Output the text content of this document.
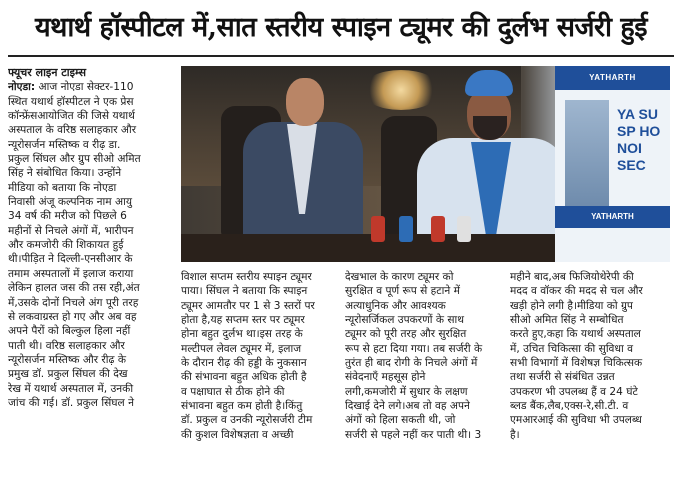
यथार्थ हॉस्पीटल में,सात स्तरीय स्पाइन ट्यूमर की दुर्लभ सर्जरी हुई
फ्यूचर लाइन टाइम्स
नोएडा: आज नोएडा सेक्टर-110
स्थित यथार्थ हॉस्पीटल ने एक प्रेस
कॉन्फ्रेंसआयोजित की जिसे यथार्थ
अस्पताल के वरिष्ठ सलाहकार और
न्यूरोसर्जन मस्तिष्क व रीढ़ डा.
प्रकुल सिंघल और ग्रुप सीओ अमित
सिंह ने संबोधित किया। उन्होंने
मीडिया को बताया कि नोएडा
निवासी अंजू कल्पनिक नाम आयु
34 वर्ष की मरीज को पिछले 6
महीनों से निचले अंगों में, भारीपन
और कमजोरी की शिकायत हुई
थी।पीड़ित ने दिल्ली-एनसीआर के
तमाम अस्पतालों में इलाज कराया
लेकिन हालत जस की तस रही,अंत
में,उसके दोनों निचले अंग पूरी तरह
से लकवाग्रस्त हो गए और अब वह
अपने पैरों को बिल्कुल हिला नहीं
पाती थी। वरिष्ठ सलाहकार और
न्यूरोसर्जन मस्तिष्क और रीढ़ के
प्रमुख डॉ. प्रकुल सिंघल की देख
रेख में यथार्थ अस्पताल में, उनकी
जांच की गई। डॉ. प्रकुल सिंघल ने
YATHARTH
YA SU SP HO NOI SEC
YATHARTH
विशाल सप्तम स्तरीय स्पाइन ट्यूमर
पाया। सिंघल ने बताया कि स्पाइन
ट्यूमर आमतौर पर 1 से 3 स्तरों पर
होता है,यह सप्तम स्तर पर ट्यूमर
होना बहुत दुर्लभ था।इस तरह के
मल्टीपल लेवल ट्यूमर में, इलाज
के दौरान रीढ़ की हड्डी के नुकसान
की संभावना बहुत अधिक होती है
व पक्षाघात से ठीक होने की
संभावना बहुत कम होती है।किंतु
डॉ. प्रकुल व उनकी न्यूरोसर्जरी टीम
की कुशल विशेषज्ञता व अच्छी
देखभाल के कारण ट्यूमर को
सुरक्षित व पूर्ण रूप से हटाने में
अत्याधुनिक और आवश्यक
न्यूरोसर्जिकल उपकरणों के साथ
ट्यूमर को पूरी तरह और सुरक्षित
रूप से हटा दिया गया। तब सर्जरी के
तुरंत ही बाद रोगी के निचले अंगों में
संवेदनाएँ महसूस होने
लगी,कमजोरी में सुधार के लक्षण
दिखाई देने लगे।अब तो वह अपने
अंगों को हिला सकती थी, जो
सर्जरी से पहले नहीं कर पाती थी। 3
महीने बाद,अब फिजियोथेरेपी की
मदद व वॉकर की मदद से चल और
खड़ी होने लगी है।मीडिया को ग्रुप
सीओ अमित सिंह ने सम्बोधित
करते हुए,कहा कि यथार्थ अस्पताल
में, उचित चिकित्सा की सुविधा व
सभी विभागों में विशेषज्ञ चिकित्सक
तथा सर्जरी से संबंधित उन्नत
उपकरण भी उपलब्ध हैं व 24 घंटे
ब्लड बैंक,लैब,एक्स-रे,सी.टी. व
एमआरआई की सुविधा भी उपलब्ध
है।
